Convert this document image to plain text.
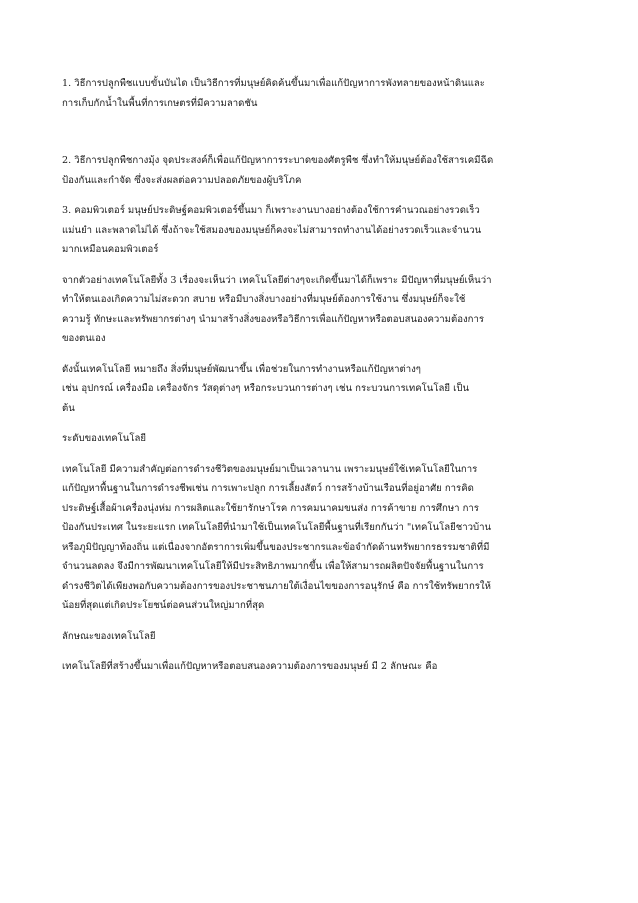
1. วิธีการปลูกพืชแบบขั้นบันได เป็นวิธีการที่มนุษย์คิดค้นขึ้นมาเพื่อแก้ปัญหาการพังทลายของหน้าดินและ
การเก็บกักน้ำในพื้นที่การเกษตรที่มีความลาดชัน
2. วิธีการปลูกพืชกางมุ้ง จุดประสงค์ก็เพื่อแก้ปัญหาการระบาดของศัตรูพืช ซึ่งทำให้มนุษย์ต้องใช้สารเคมีฉีด
ป้องกันและกำจัด ซึ่งจะส่งผลต่อความปลอดภัยของผู้บริโภค
3. คอมพิวเตอร์ มนุษย์ประดิษฐ์คอมพิวเตอร์ขึ้นมา ก็เพราะงานบางอย่างต้องใช้การคำนวณอย่างรวดเร็ว
แม่นยำ และพลาดไม่ได้ ซึ่งถ้าจะใช้สมองของมนุษย์ก็คงจะไม่สามารถทำงานได้อย่างรวดเร็วและจำนวน
มากเหมือนคอมพิวเตอร์
จากตัวอย่างเทคโนโลยีทั้ง 3 เรื่องจะเห็นว่า เทคโนโลยีต่างๆจะเกิดขึ้นมาได้ก็เพราะ มีปัญหาที่มนุษย์เห็นว่า
ทำให้ตนเองเกิดความไม่สะดวก สบาย หรือมีบางสิ่งบางอย่างที่มนุษย์ต้องการใช้งาน ซึ่งมนุษย์ก็จะใช้
ความรู้ ทักษะและทรัพยากรต่างๆ นำมาสร้างสิ่งของหรือวิธีการเพื่อแก้ปัญหาหรือตอบสนองความต้องการ
ของตนเอง
ดังนั้นเทคโนโลยี หมายถึง สิ่งที่มนุษย์พัฒนาขึ้น เพื่อช่วยในการทำงานหรือแก้ปัญหาต่างๆ
เช่น อุปกรณ์ เครื่องมือ เครื่องจักร วัสดุต่างๆ หรือกระบวนการต่างๆ เช่น กระบวนการเทคโนโลยี เป็น
ต้น
ระดับของเทคโนโลยี
เทคโนโลยี มีความสำคัญต่อการดำรงชีวิตของมนุษย์มาเป็นเวลานาน เพราะมนุษย์ใช้เทคโนโลยีในการ
แก้ปัญหาพื้นฐานในการดำรงชีพเช่น การเพาะปลูก การเลี้ยงสัตว์ การสร้างบ้านเรือนที่อยู่อาศัย การคิด
ประดิษฐ์เสื้อผ้าเครื่องนุ่งห่ม การผลิตและใช้ยารักษาโรค การคมนาคมขนส่ง การค้าขาย การศึกษา การ
ป้องกันประเทศ ในระยะแรก เทคโนโลยีที่นำมาใช้เป็นเทคโนโลยีพื้นฐานที่เรียกกันว่า "เทคโนโลยีชาวบ้าน
หรือภูมิปัญญาท้องถิ่น แต่เนื่องจากอัตราการเพิ่มขึ้นของประชากรและข้อจำกัดด้านทรัพยากรธรรมชาติที่มี
จำนวนลดลง จึงมีการพัฒนาเทคโนโลยีให้มีประสิทธิภาพมากขึ้น เพื่อให้สามารถผลิตปัจจัยพื้นฐานในการ
ดำรงชีวิตได้เพียงพอกับความต้องการของประชาชนภายใต้เงื่อนไขของการอนุรักษ์ คือ การใช้ทรัพยากรให้
น้อยที่สุดแต่เกิดประโยชน์ต่อคนส่วนใหญ่มากที่สุด
ลักษณะของเทคโนโลยี
เทคโนโลยีที่สร้างขึ้นมาเพื่อแก้ปัญหาหรือตอบสนองความต้องการของมนุษย์ มี 2 ลักษณะ คือ
